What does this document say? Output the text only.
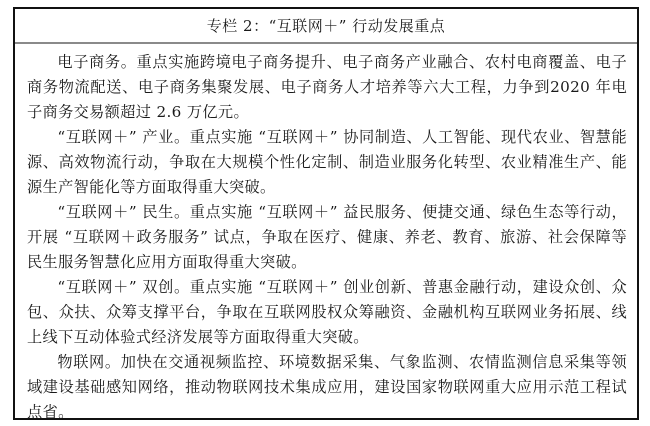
专栏 2：“互联网＋” 行动发展重点

电子商务。重点实施跨境电子商务提升、电子商务产业融合、农村电商覆盖、电子商务物流配送、电子商务集聚发展、电子商务人才培养等六大工程，力争到2020 年电子商务交易额超过 2.6 万亿元。

“互联网＋” 产业。重点实施 “互联网＋” 协同制造、人工智能、现代农业、智慧能源、高效物流行动，争取在大规模个性化定制、制造业服务化转型、农业精准生产、能源生产智能化等方面取得重大突破。

“互联网＋” 民生。重点实施 “互联网＋” 益民服务、便捷交通、绿色生态等行动，开展 “互联网＋政务服务” 试点，争取在医疗、健康、养老、教育、旅游、社会保障等民生服务智慧化应用方面取得重大突破。

“互联网＋” 双创。重点实施 “互联网＋” 创业创新、普惠金融行动，建设众创、众包、众扶、众筹支撑平台，争取在互联网股权众筹融资、金融机构互联网业务拓展、线上线下互动体验式经济发展等方面取得重大突破。

物联网。加快在交通视频监控、环境数据采集、气象监测、农情监测信息采集等领域建设基础感知网络，推动物联网技术集成应用，建设国家物联网重大应用示范工程试点省。
